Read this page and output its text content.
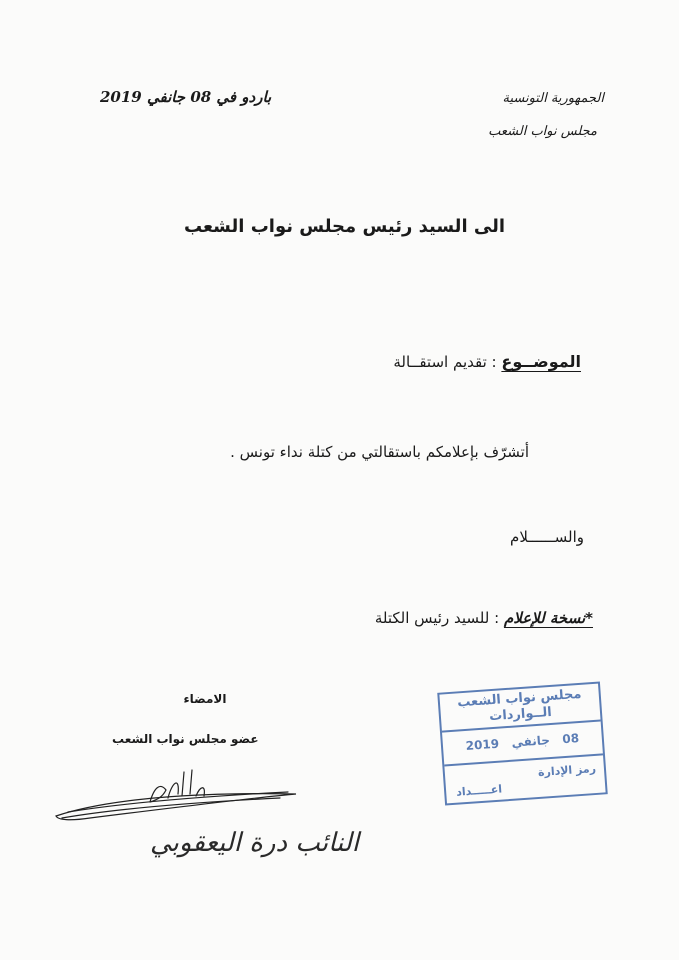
الجمهورية التونسية
مجلس نواب الشعب
باردو في 08 جانفي 2019
الى السيد رئيس مجلس نواب الشعب
الموضــوع : تقديم استقــالة
أتشرّف بإعلامكم باستقالتي من كتلة نداء تونس .
والســــــلام
*نسخة للإعلام : للسيد رئيس الكتلة
الامضاء
عضو مجلس نواب الشعب
النائب درة اليعقوبي
مجلس نواب الشعب
الــواردات
2019 جانفي 08
رمز الإدارة
اعـــــداد
